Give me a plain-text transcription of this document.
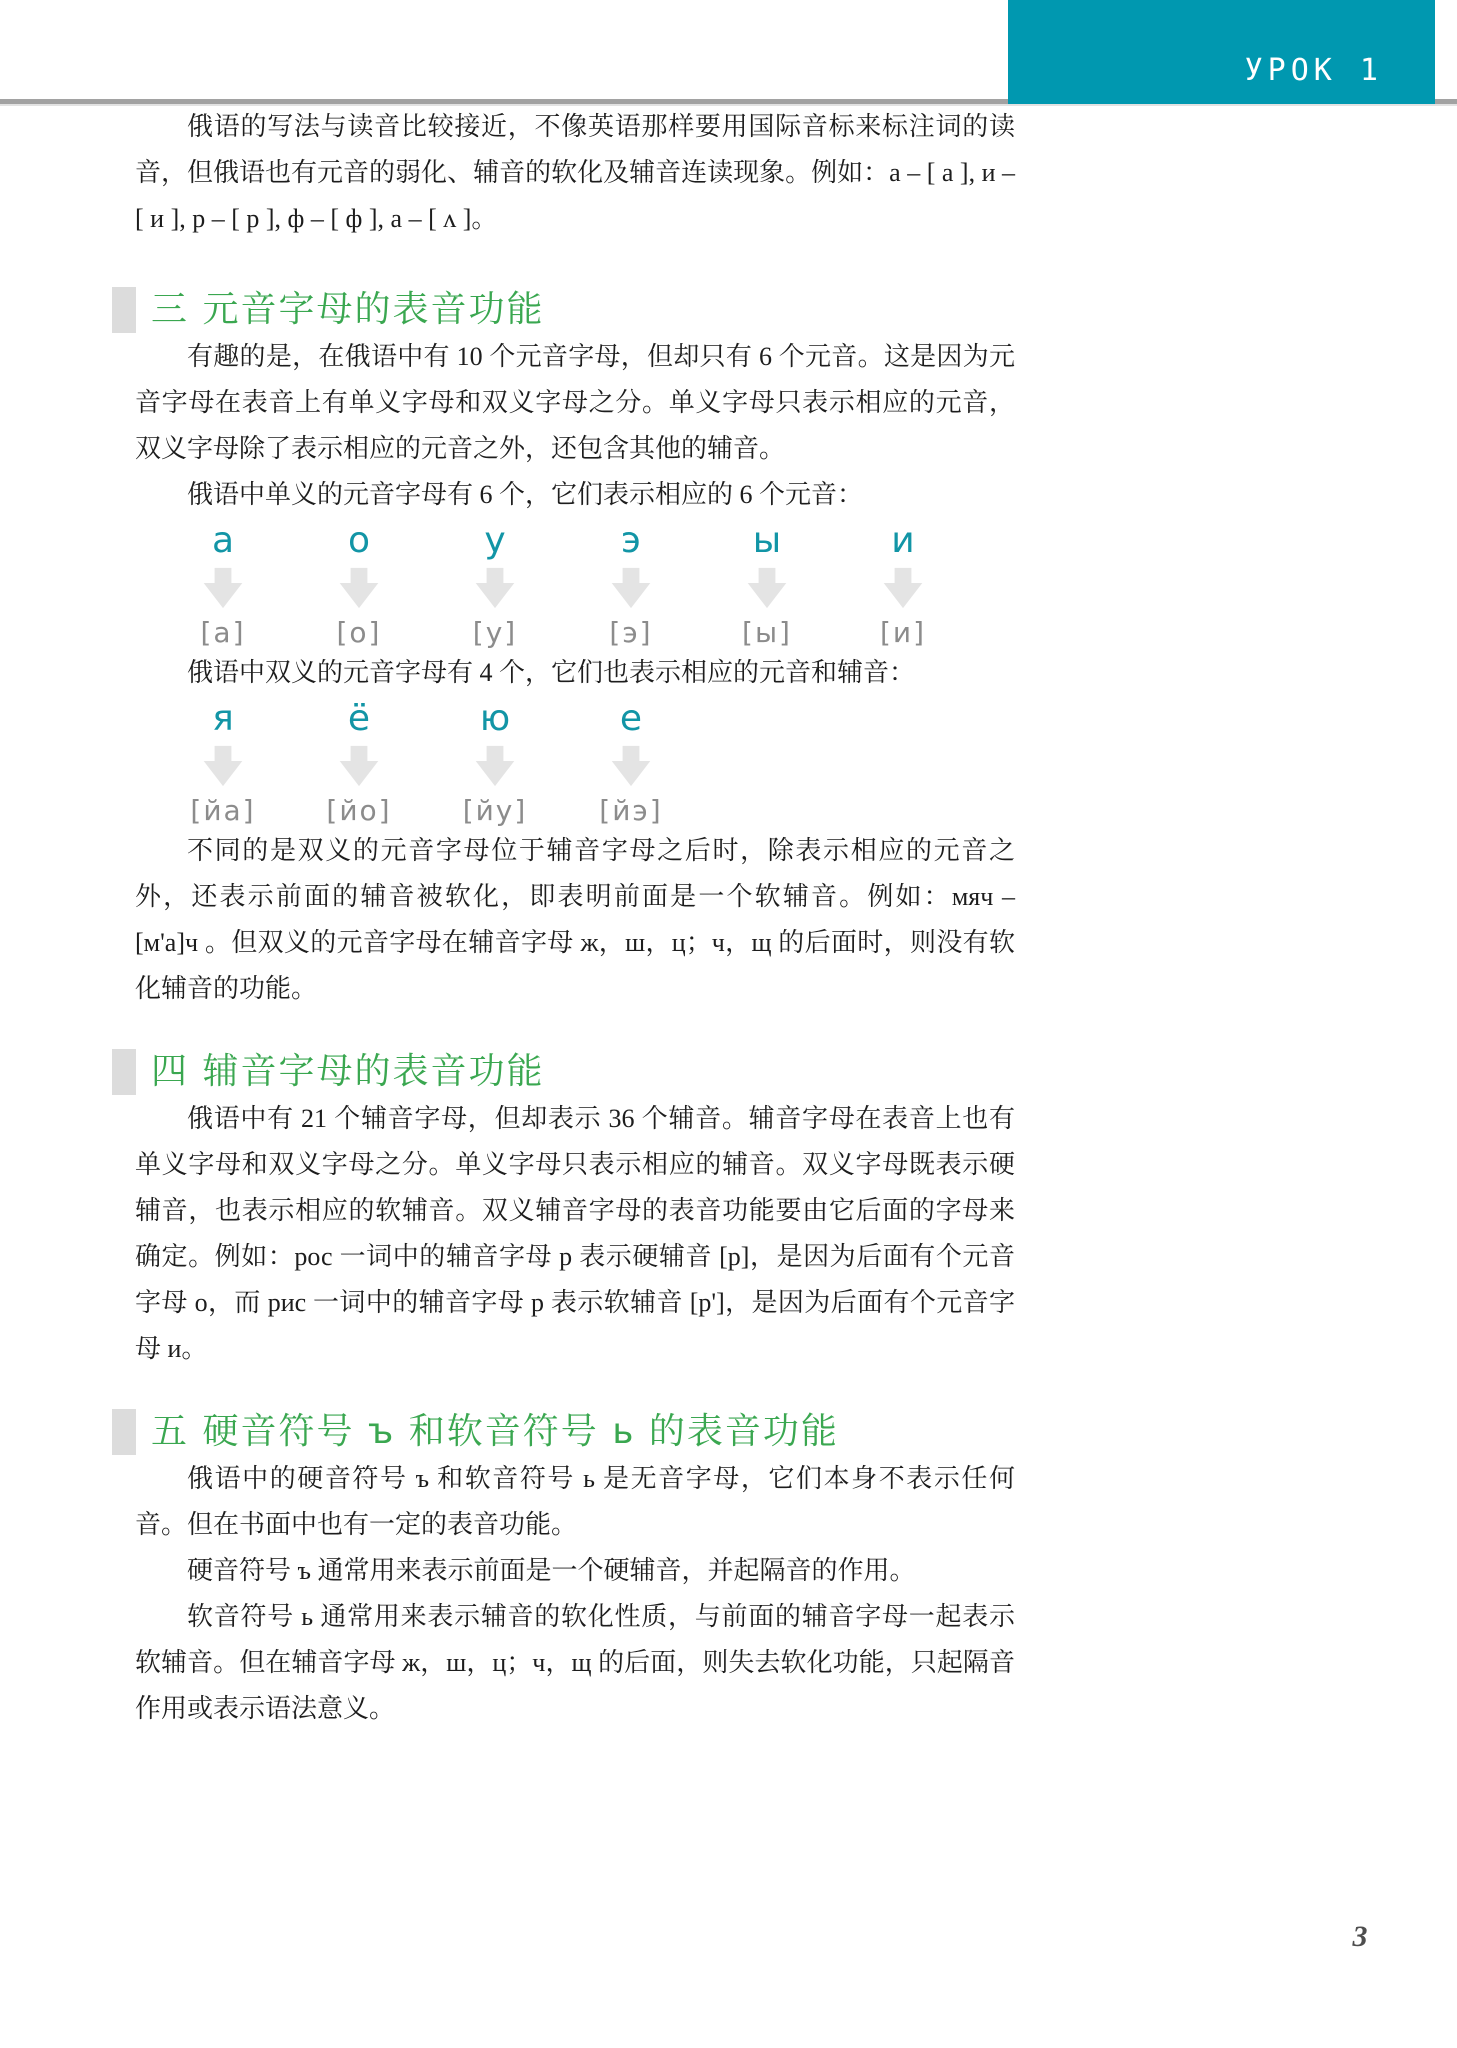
УРОК 1

俄语的写法与读音比较接近，不像英语那样要用国际音标来标注词的读音，但俄语也有元音的弱化、辅音的软化及辅音连读现象。例如：а – [ а ], и – [ и ], р – [ р ], ф – [ ф ], а – [ ʌ ]。

三 元音字母的表音功能

有趣的是，在俄语中有 10 个元音字母，但却只有 6 个元音。这是因为元音字母在表音上有单义字母和双义字母之分。单义字母只表示相应的元音，双义字母除了表示相应的元音之外，还包含其他的辅音。

俄语中单义的元音字母有 6 个，它们表示相应的 6 个元音：

а
[а]
о
[о]
у
[у]
э
[э]
ы
[ы]
и
[и]

俄语中双义的元音字母有 4 个，它们也表示相应的元音和辅音：

я
[йа]
ё
[йо]
ю
[йу]
е
[йэ]

不同的是双义的元音字母位于辅音字母之后时，除表示相应的元音之外，还表示前面的辅音被软化，即表明前面是一个软辅音。例如：мяч – [м'а]ч 。但双义的元音字母在辅音字母 ж，ш，ц；ч，щ 的后面时，则没有软化辅音的功能。

四 辅音字母的表音功能

俄语中有 21 个辅音字母，但却表示 36 个辅音。辅音字母在表音上也有单义字母和双义字母之分。单义字母只表示相应的辅音。双义字母既表示硬辅音，也表示相应的软辅音。双义辅音字母的表音功能要由它后面的字母来确定。例如：рос 一词中的辅音字母 р 表示硬辅音 [р]，是因为后面有个元音字母 о，而 рис 一词中的辅音字母 р 表示软辅音 [р']，是因为后面有个元音字母 и。

五 硬音符号 ъ 和软音符号 ь 的表音功能

俄语中的硬音符号 ъ 和软音符号 ь 是无音字母，它们本身不表示任何音。但在书面中也有一定的表音功能。

硬音符号 ъ 通常用来表示前面是一个硬辅音，并起隔音的作用。

软音符号 ь 通常用来表示辅音的软化性质，与前面的辅音字母一起表示软辅音。但在辅音字母 ж，ш，ц；ч，щ 的后面，则失去软化功能，只起隔音作用或表示语法意义。

3
